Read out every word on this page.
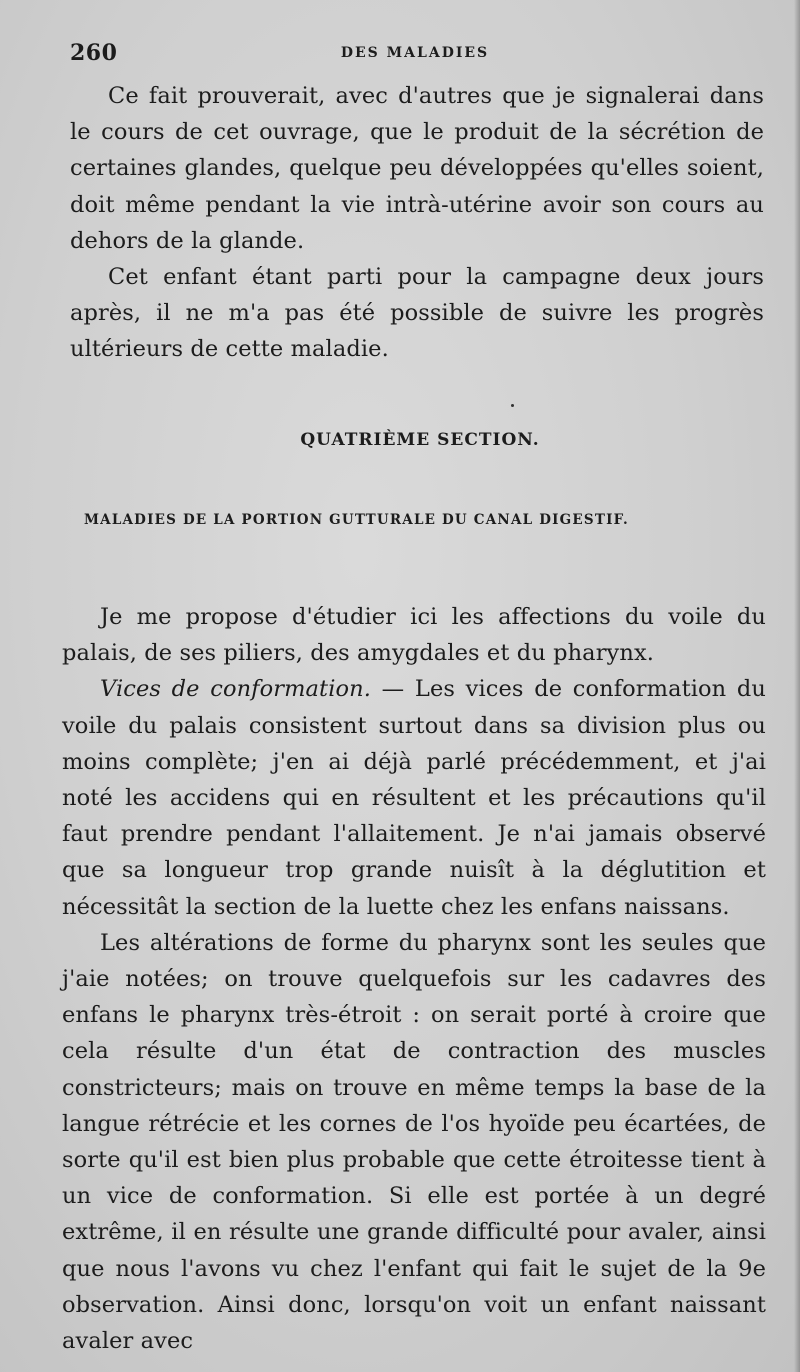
260	DES MALADIES

Ce fait prouverait, avec d'autres que je signalerai dans le cours de cet ouvrage, que le produit de la sécrétion de certaines glandes, quelque peu développées qu'elles soient, doit même pendant la vie intrà-utérine avoir son cours au dehors de la glande.

Cet enfant étant parti pour la campagne deux jours après, il ne m'a pas été possible de suivre les progrès ultérieurs de cette maladie.

QUATRIÈME SECTION.
MALADIES DE LA PORTION GUTTURALE DU CANAL DIGESTIF.

Je me propose d'étudier ici les affections du voile du palais, de ses piliers, des amygdales et du pharynx.

Vices de conformation. — Les vices de conformation du voile du palais consistent surtout dans sa division plus ou moins complète; j'en ai déjà parlé précédemment, et j'ai noté les accidens qui en résultent et les précautions qu'il faut prendre pendant l'allaitement. Je n'ai jamais observé que sa longueur trop grande nuisît à la déglutition et nécessitât la section de la luette chez les enfans naissans.

Les altérations de forme du pharynx sont les seules que j'aie notées; on trouve quelquefois sur les cadavres des enfans le pharynx très-étroit : on serait porté à croire que cela résulte d'un état de contraction des muscles constricteurs; mais on trouve en même temps la base de la langue rétrécie et les cornes de l'os hyoïde peu écartées, de sorte qu'il est bien plus probable que cette étroitesse tient à un vice de conformation. Si elle est portée à un degré extrême, il en résulte une grande difficulté pour avaler, ainsi que nous l'avons vu chez l'enfant qui fait le sujet de la 9e observation. Ainsi donc, lorsqu'on voit un enfant naissant avaler avec
